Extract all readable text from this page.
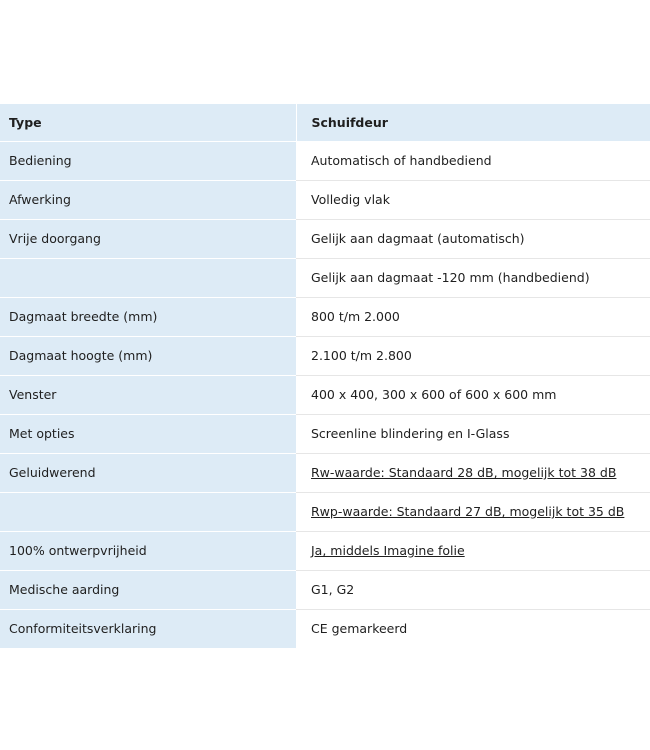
Type	Schuifdeur
Bediening	Automatisch of handbediend
Afwerking	Volledig vlak
Vrije doorgang	Gelijk aan dagmaat (automatisch)
	Gelijk aan dagmaat -120 mm (handbediend)
Dagmaat breedte (mm)	800 t/m 2.000
Dagmaat hoogte (mm)	2.100 t/m 2.800
Venster	400 x 400, 300 x 600 of 600 x 600 mm
Met opties	Screenline blindering en I-Glass
Geluidwerend	Rw-waarde: Standaard 28 dB, mogelijk tot 38 dB
	Rwp-waarde: Standaard 27 dB, mogelijk tot 35 dB
100% ontwerpvrijheid	Ja, middels Imagine folie
Medische aarding	G1, G2
Conformiteitsverklaring	CE gemarkeerd
